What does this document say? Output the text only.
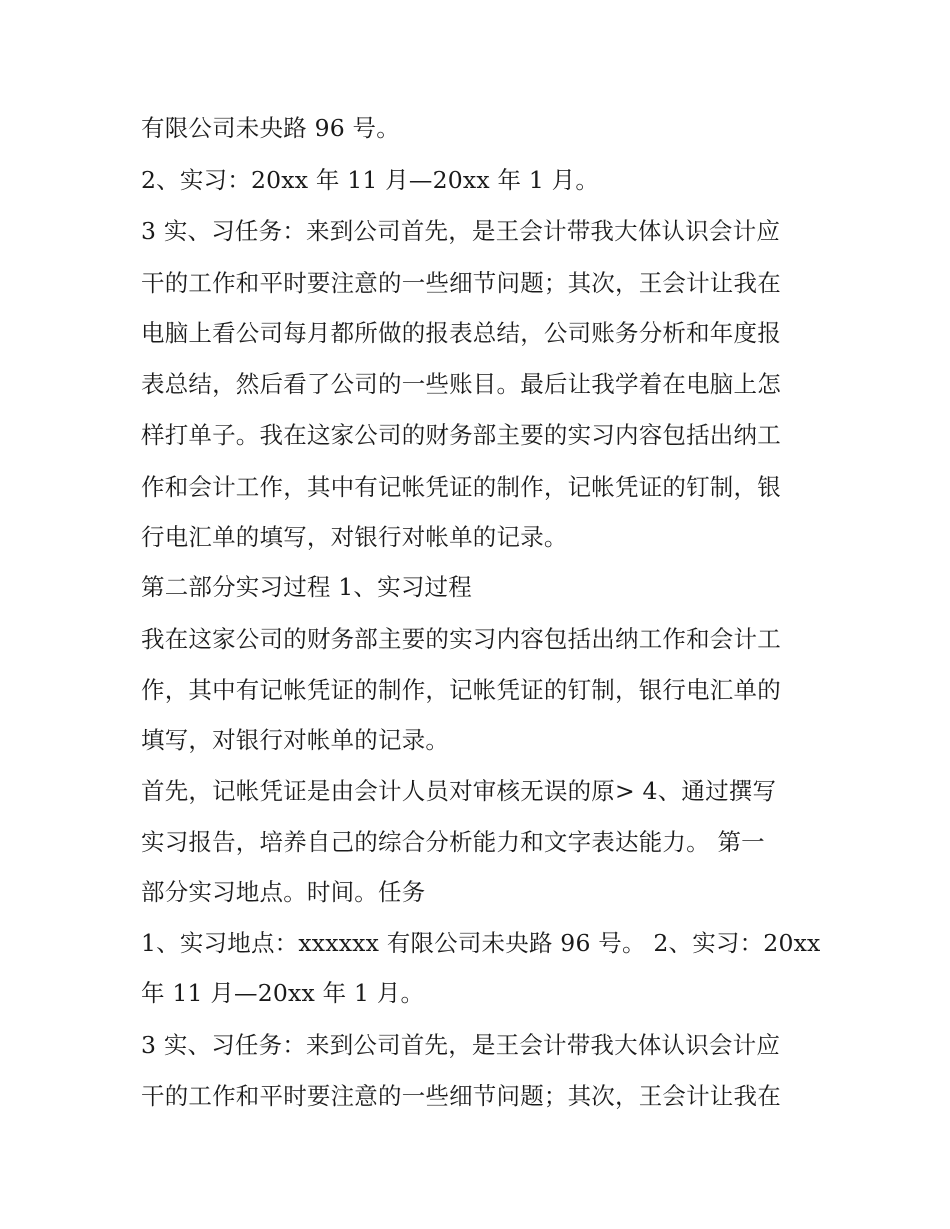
有限公司未央路 96 号。
2、实习：20xx 年 11 月—20xx 年 1 月。
3 实、习任务：来到公司首先，是王会计带我大体认识会计应
干的工作和平时要注意的一些细节问题；其次，王会计让我在
电脑上看公司每月都所做的报表总结，公司账务分析和年度报
表总结，然后看了公司的一些账目。最后让我学着在电脑上怎
样打单子。我在这家公司的财务部主要的实习内容包括出纳工
作和会计工作，其中有记帐凭证的制作，记帐凭证的钉制，银
行电汇单的填写，对银行对帐单的记录。
第二部分实习过程 1、实习过程
我在这家公司的财务部主要的实习内容包括出纳工作和会计工
作，其中有记帐凭证的制作，记帐凭证的钉制，银行电汇单的
填写，对银行对帐单的记录。
首先，记帐凭证是由会计人员对审核无误的原> 4、通过撰写
实习报告，培养自己的综合分析能力和文字表达能力。 第一
部分实习地点。时间。任务
1、实习地点：xxxxxx 有限公司未央路 96 号。 2、实习：20xx
年 11 月—20xx 年 1 月。
3 实、习任务：来到公司首先，是王会计带我大体认识会计应
干的工作和平时要注意的一些细节问题；其次，王会计让我在
